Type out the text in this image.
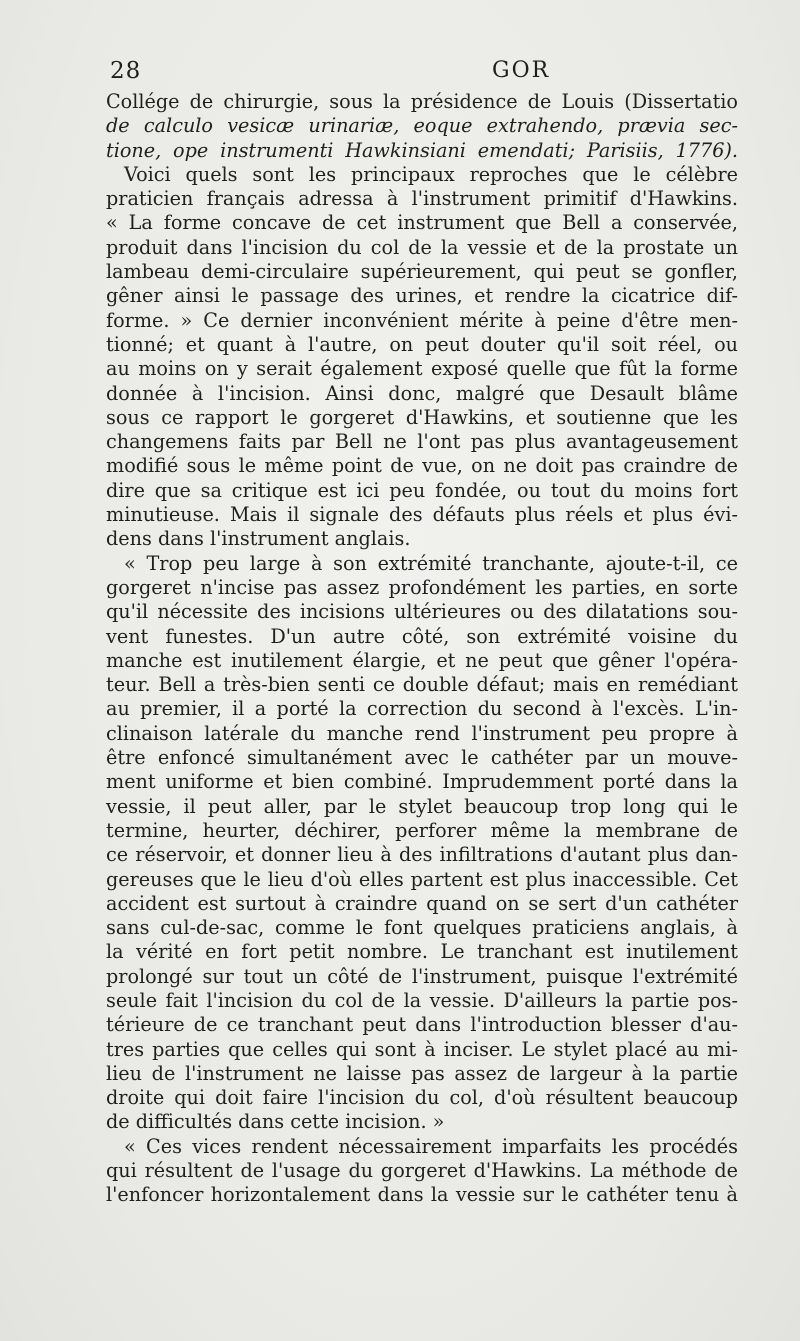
28	GOR
Collége de chirurgie, sous la présidence de Louis (Dissertatio
de calculo vesicæ urinariæ, eoque extrahendo, prævia sec-
tione, ope instrumenti Hawkinsiani emendati; Parisiis, 1776).
Voici quels sont les principaux reproches que le célèbre
praticien français adressa à l'instrument primitif d'Hawkins.
« La forme concave de cet instrument que Bell a conservée,
produit dans l'incision du col de la vessie et de la prostate un
lambeau demi-circulaire supérieurement, qui peut se gonfler,
gêner ainsi le passage des urines, et rendre la cicatrice dif-
forme. » Ce dernier inconvénient mérite à peine d'être men-
tionné; et quant à l'autre, on peut douter qu'il soit réel, ou
au moins on y serait également exposé quelle que fût la forme
donnée à l'incision. Ainsi donc, malgré que Desault blâme
sous ce rapport le gorgeret d'Hawkins, et soutienne que les
changemens faits par Bell ne l'ont pas plus avantageusement
modifié sous le même point de vue, on ne doit pas craindre de
dire que sa critique est ici peu fondée, ou tout du moins fort
minutieuse. Mais il signale des défauts plus réels et plus évi-
dens dans l'instrument anglais.
« Trop peu large à son extrémité tranchante, ajoute-t-il, ce
gorgeret n'incise pas assez profondément les parties, en sorte
qu'il nécessite des incisions ultérieures ou des dilatations sou-
vent funestes. D'un autre côté, son extrémité voisine du
manche est inutilement élargie, et ne peut que gêner l'opéra-
teur. Bell a très-bien senti ce double défaut; mais en remédiant
au premier, il a porté la correction du second à l'excès. L'in-
clinaison latérale du manche rend l'instrument peu propre à
être enfoncé simultanément avec le cathéter par un mouve-
ment uniforme et bien combiné. Imprudemment porté dans la
vessie, il peut aller, par le stylet beaucoup trop long qui le
termine, heurter, déchirer, perforer même la membrane de
ce réservoir, et donner lieu à des infiltrations d'autant plus dan-
gereuses que le lieu d'où elles partent est plus inaccessible. Cet
accident est surtout à craindre quand on se sert d'un cathéter
sans cul-de-sac, comme le font quelques praticiens anglais, à
la vérité en fort petit nombre. Le tranchant est inutilement
prolongé sur tout un côté de l'instrument, puisque l'extrémité
seule fait l'incision du col de la vessie. D'ailleurs la partie pos-
térieure de ce tranchant peut dans l'introduction blesser d'au-
tres parties que celles qui sont à inciser. Le stylet placé au mi-
lieu de l'instrument ne laisse pas assez de largeur à la partie
droite qui doit faire l'incision du col, d'où résultent beaucoup
de difficultés dans cette incision. »
« Ces vices rendent nécessairement imparfaits les procédés
qui résultent de l'usage du gorgeret d'Hawkins. La méthode de
l'enfoncer horizontalement dans la vessie sur le cathéter tenu à
